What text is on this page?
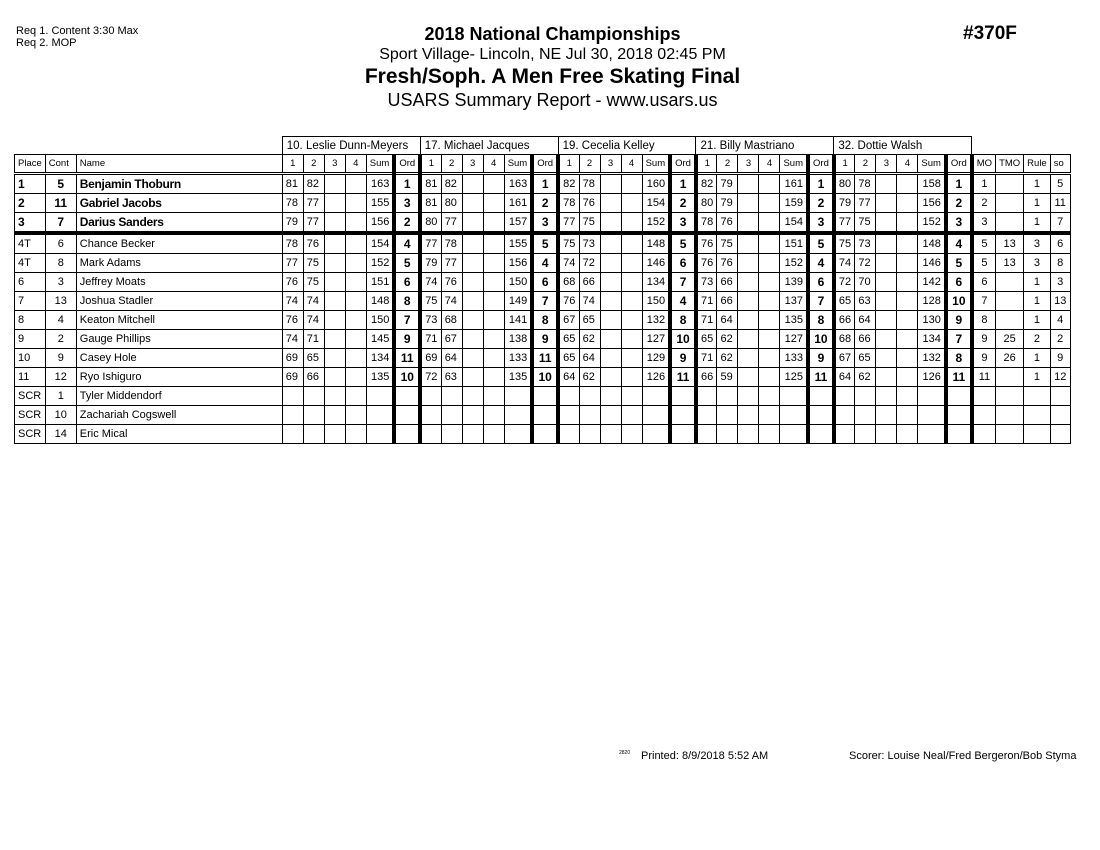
Req 1. Content 3:30 Max
Req 2. MOP	2018 National Championships
Sport Village- Lincoln, NE Jul 30, 2018 02:45 PM
Fresh/Soph. A Men Free Skating Final
USARS Summary Report - www.usars.us
#370F
			10. Leslie Dunn-Meyers						17. Michael Jacques						19. Cecelia Kelley						21. Billy Mastriano						32. Dottie Walsh									
Place	Cont	Name	1	2	3	4	Sum	Ord	1	2	3	4	Sum	Ord	1	2	3	4	Sum	Ord	1	2	3	4	Sum	Ord	1	2	3	4	Sum	Ord	MO	TMO	Rule	so
1	5	Benjamin Thoburn	81	82			163	1	81	82			163	1	82	78			160	1	82	79			161	1	80	78			158	1	1		1	5
2	11	Gabriel Jacobs	78	77			155	3	81	80			161	2	78	76			154	2	80	79			159	2	79	77			156	2	2		1	11
3	7	Darius Sanders	79	77			156	2	80	77			157	3	77	75			152	3	78	76			154	3	77	75			152	3	3		1	7
4T	6	Chance Becker	78	76			154	4	77	78			155	5	75	73			148	5	76	75			151	5	75	73			148	4	5	13	3	6
4T	8	Mark Adams	77	75			152	5	79	77			156	4	74	72			146	6	76	76			152	4	74	72			146	5	5	13	3	8
6	3	Jeffrey Moats	76	75			151	6	74	76			150	6	68	66			134	7	73	66			139	6	72	70			142	6	6		1	3
7	13	Joshua Stadler	74	74			148	8	75	74			149	7	76	74			150	4	71	66			137	7	65	63			128	10	7		1	13
8	4	Keaton Mitchell	76	74			150	7	73	68			141	8	67	65			132	8	71	64			135	8	66	64			130	9	8		1	4
9	2	Gauge Phillips	74	71			145	9	71	67			138	9	65	62			127	10	65	62			127	10	68	66			134	7	9	25	2	2
10	9	Casey Hole	69	65			134	11	69	64			133	11	65	64			129	9	71	62			133	9	67	65			132	8	9	26	1	9
11	12	Ryo Ishiguro	69	66			135	10	72	63			135	10	64	62			126	11	66	59			125	11	64	62			126	11	11		1	12
SCR	1	Tyler Middendorf																																		
SCR	10	Zachariah Cogswell																																		
SCR	14	Eric Mical																																		
2820 Printed: 8/9/2018 5:52 AM	Scorer: Louise Neal/Fred Bergeron/Bob Styma
